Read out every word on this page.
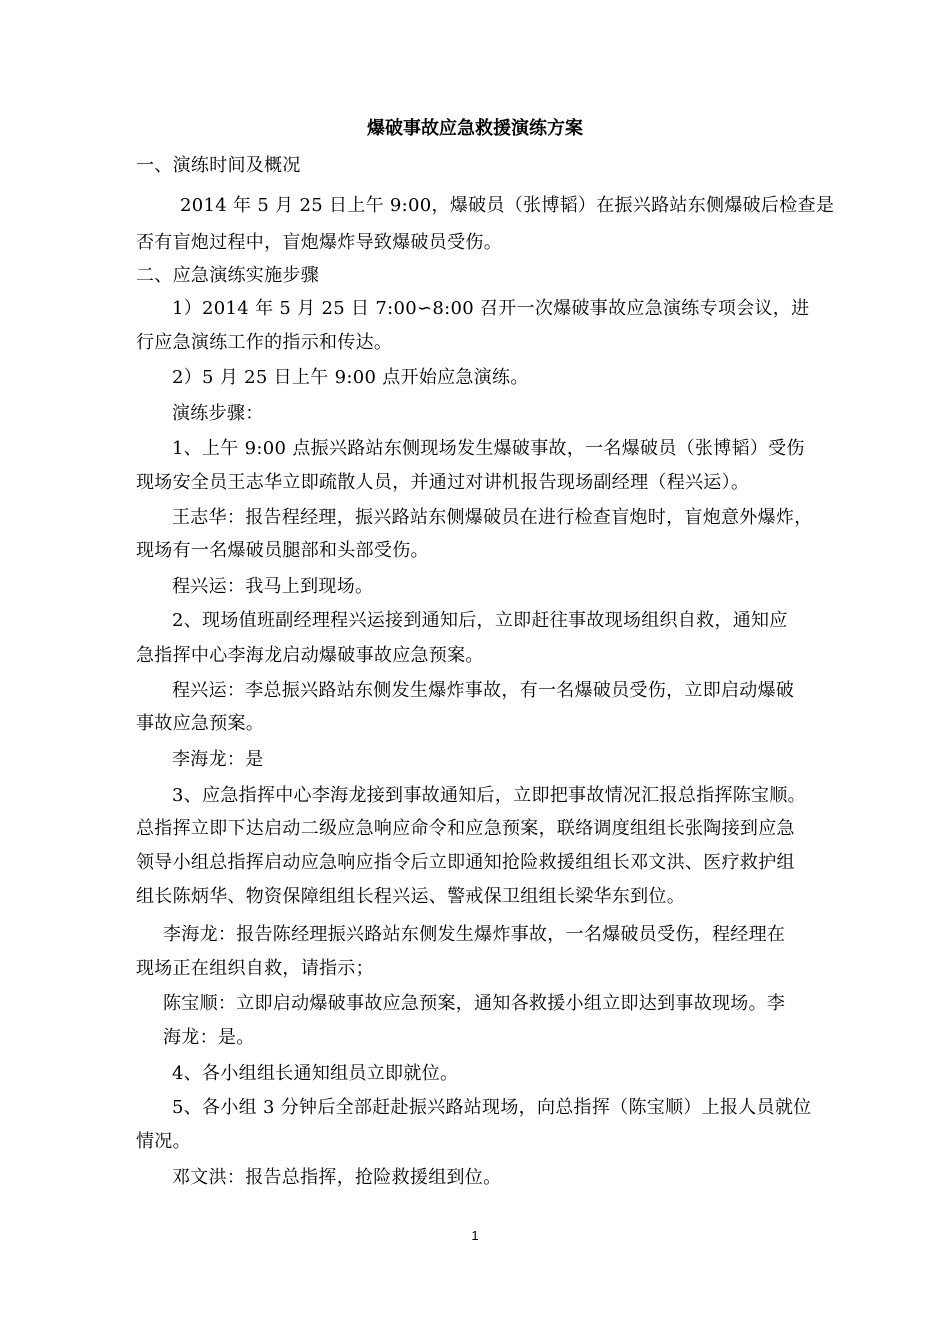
爆破事故应急救援演练方案
一、演练时间及概况
2014 年 5 月 25 日上午 9:00，爆破员（张博韬）在振兴路站东侧爆破后检查是
否有盲炮过程中，盲炮爆炸导致爆破员受伤。
二、应急演练实施步骤
1）2014 年 5 月 25 日 7:00∽8:00 召开一次爆破事故应急演练专项会议，进
行应急演练工作的指示和传达。
2）5 月 25 日上午 9:00 点开始应急演练。
演练步骤：
1、上午 9:00 点振兴路站东侧现场发生爆破事故，一名爆破员（张博韬）受伤
现场安全员王志华立即疏散人员，并通过对讲机报告现场副经理（程兴运）。
王志华：报告程经理，振兴路站东侧爆破员在进行检查盲炮时，盲炮意外爆炸，
现场有一名爆破员腿部和头部受伤。
程兴运：我马上到现场。
2、现场值班副经理程兴运接到通知后，立即赶往事故现场组织自救，通知应
急指挥中心李海龙启动爆破事故应急预案。
程兴运：李总振兴路站东侧发生爆炸事故，有一名爆破员受伤，立即启动爆破
事故应急预案。
李海龙：是
3、应急指挥中心李海龙接到事故通知后，立即把事故情况汇报总指挥陈宝顺。
总指挥立即下达启动二级应急响应命令和应急预案，联络调度组组长张陶接到应急
领导小组总指挥启动应急响应指令后立即通知抢险救援组组长邓文洪、医疗救护组
组长陈炳华、物资保障组组长程兴运、警戒保卫组组长梁华东到位。
李海龙：报告陈经理振兴路站东侧发生爆炸事故，一名爆破员受伤，程经理在
现场正在组织自救，请指示；
陈宝顺：立即启动爆破事故应急预案，通知各救援小组立即达到事故现场。李
海龙：是。
4、各小组组长通知组员立即就位。
5、各小组 3 分钟后全部赶赴振兴路站现场，向总指挥（陈宝顺）上报人员就位
情况。
邓文洪：报告总指挥，抢险救援组到位。
1
